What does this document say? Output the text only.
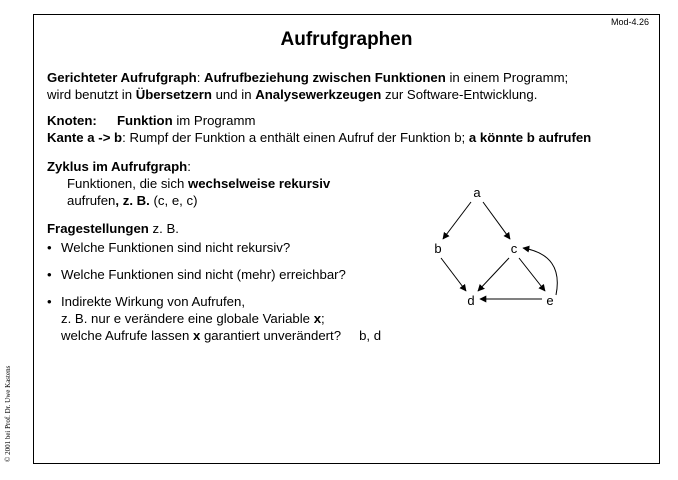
Mod-4.26
Aufrufgraphen
Gerichteter Aufrufgraph: Aufrufbeziehung zwischen Funktionen in einem Programm;
wird benutzt in Übersetzern und in Analysewerkzeugen zur Software-Entwicklung.
Knoten: Funktion im Programm
Kante a -> b: Rumpf der Funktion a enthält einen Aufruf der Funktion b; a könnte b aufrufen
Zyklus im Aufrufgraph:
Funktionen, die sich wechselweise rekursiv
aufrufen, z. B. (c, e, c)
Fragestellungen z. B.
• Welche Funktionen sind nicht rekursiv?
• Welche Funktionen sind nicht (mehr) erreichbar?
• Indirekte Wirkung von Aufrufen,
z. B. nur e verändere eine globale Variable x;
welche Aufrufe lassen x garantiert unverändert? b, d
a
b	c
d	e
© 2001 bei Prof. Dr. Uwe Kastens
